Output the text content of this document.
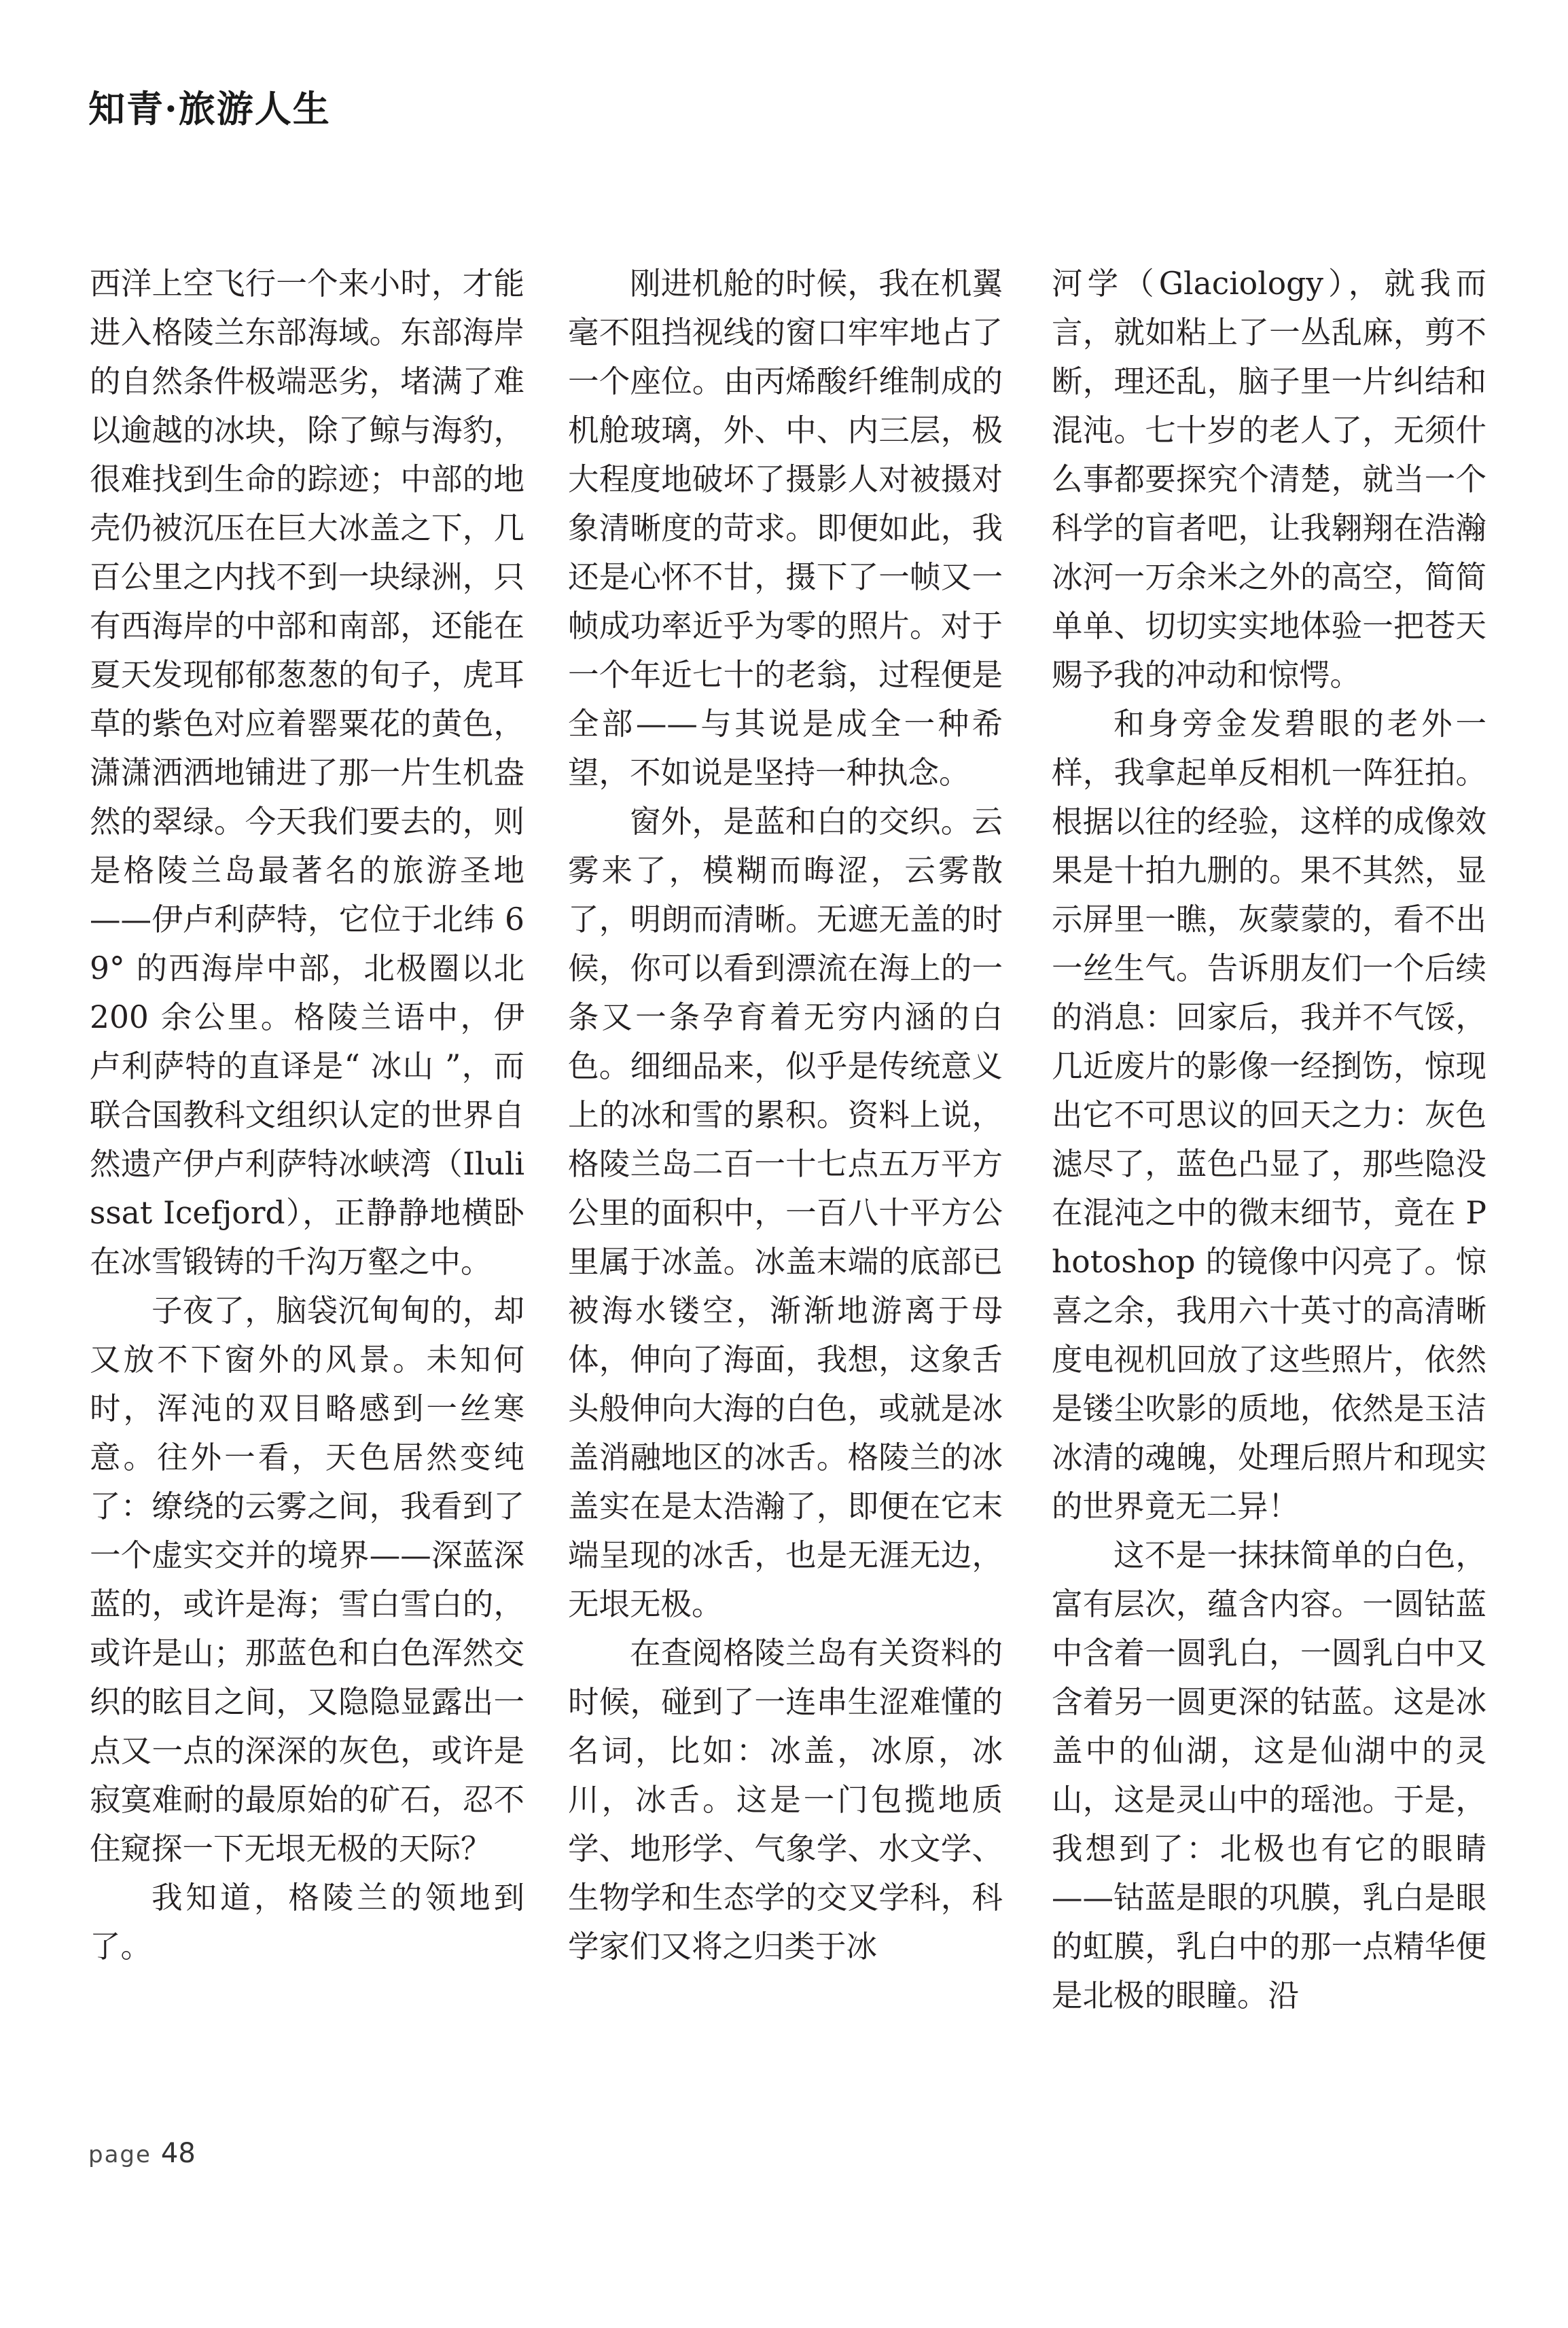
知青·旅游人生

西洋上空飞行一个来小时，才能进入格陵兰东部海域。东部海岸的自然条件极端恶劣，堵满了难以逾越的冰块，除了鲸与海豹，很难找到生命的踪迹；中部的地壳仍被沉压在巨大冰盖之下，几百公里之内找不到一块绿洲，只有西海岸的中部和南部，还能在夏天发现郁郁葱葱的旬子，虎耳草的紫色对应着罂粟花的黄色，潇潇洒洒地铺进了那一片生机盎然的翠绿。今天我们要去的，则是格陵兰岛最著名的旅游圣地——伊卢利萨特，它位于北纬 69° 的西海岸中部，北极圈以北 200 余公里。格陵兰语中，伊卢利萨特的直译是“ 冰山 ”，而联合国教科文组织认定的世界自然遗产伊卢利萨特冰峡湾（Ilulissat Icefjord），正静静地横卧在冰雪锻铸的千沟万壑之中。

子夜了，脑袋沉甸甸的，却又放不下窗外的风景。未知何时，浑沌的双目略感到一丝寒意。往外一看，天色居然变纯了：缭绕的云雾之间，我看到了一个虚实交并的境界——深蓝深蓝的，或许是海；雪白雪白的，或许是山；那蓝色和白色浑然交织的眩目之间，又隐隐显露出一点又一点的深深的灰色，或许是寂寞难耐的最原始的矿石，忍不住窥探一下无垠无极的天际？

我知道，格陵兰的领地到了。

刚进机舱的时候，我在机翼毫不阻挡视线的窗口牢牢地占了一个座位。由丙烯酸纤维制成的机舱玻璃，外、中、内三层，极大程度地破坏了摄影人对被摄对象清晰度的苛求。即便如此，我还是心怀不甘，摄下了一帧又一帧成功率近乎为零的照片。对于一个年近七十的老翁，过程便是全部——与其说是成全一种希望，不如说是坚持一种执念。

窗外，是蓝和白的交织。云雾来了，模糊而晦涩，云雾散了，明朗而清晰。无遮无盖的时候，你可以看到漂流在海上的一条又一条孕育着无穷内涵的白色。细细品来，似乎是传统意义上的冰和雪的累积。资料上说，格陵兰岛二百一十七点五万平方公里的面积中，一百八十平方公里属于冰盖。冰盖末端的底部已被海水镂空，渐渐地游离于母体，伸向了海面，我想，这象舌头般伸向大海的白色，或就是冰盖消融地区的冰舌。格陵兰的冰盖实在是太浩瀚了，即便在它末端呈现的冰舌，也是无涯无边，无垠无极。

在查阅格陵兰岛有关资料的时候，碰到了一连串生涩难懂的名词，比如：冰盖，冰原，冰川，冰舌。这是一门包揽地质学、地形学、气象学、水文学、生物学和生态学的交叉学科，科学家们又将之归类于冰

河学（Glaciology），就我而言，就如粘上了一丛乱麻，剪不断，理还乱，脑子里一片纠结和混沌。七十岁的老人了，无须什么事都要探究个清楚，就当一个科学的盲者吧，让我翱翔在浩瀚冰河一万余米之外的高空，简简单单、切切实实地体验一把苍天赐予我的冲动和惊愕。

和身旁金发碧眼的老外一样，我拿起单反相机一阵狂拍。根据以往的经验，这样的成像效果是十拍九删的。果不其然，显示屏里一瞧，灰蒙蒙的，看不出一丝生气。告诉朋友们一个后续的消息：回家后，我并不气馁，几近废片的影像一经捯饬，惊现出它不可思议的回天之力：灰色滤尽了，蓝色凸显了，那些隐没在混沌之中的微末细节，竟在 Photoshop 的镜像中闪亮了。惊喜之余，我用六十英寸的高清晰度电视机回放了这些照片，依然是镂尘吹影的质地，依然是玉洁冰清的魂魄，处理后照片和现实的世界竟无二异！

这不是一抹抹简单的白色，富有层次，蕴含内容。一圆钴蓝中含着一圆乳白，一圆乳白中又含着另一圆更深的钴蓝。这是冰盖中的仙湖，这是仙湖中的灵山，这是灵山中的瑶池。于是，我想到了：北极也有它的眼睛——钴蓝是眼的巩膜，乳白是眼的虹膜，乳白中的那一点精华便是北极的眼瞳。沿

page 48
